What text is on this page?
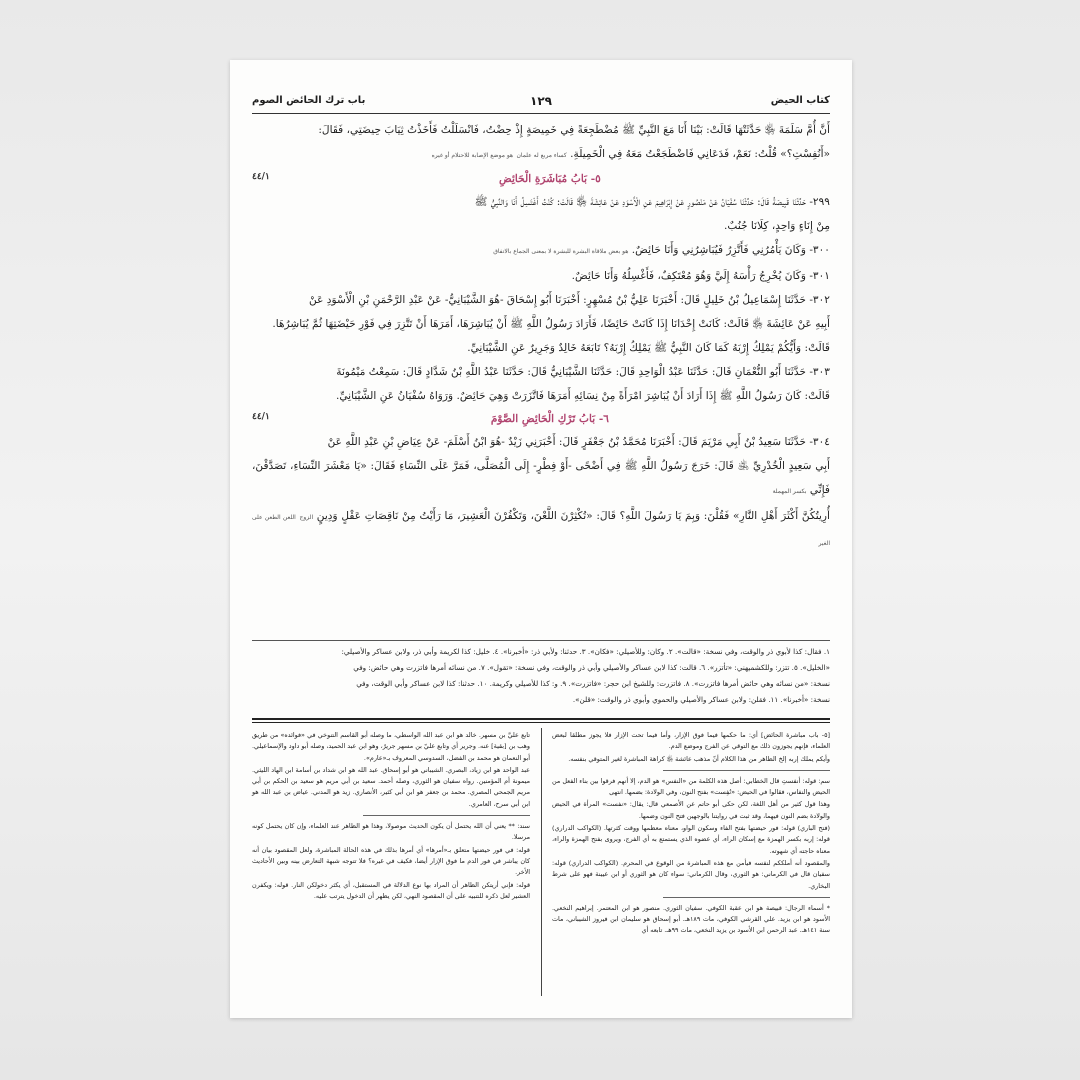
كتاب الحيض
١٢٩
باب ترك الحائض الصوم

أَنَّ أُمَّ سَلَمَةَ ﵂ حَدَّثَتْهَا قَالَتْ: بَيْنَا أَنَا مَعَ النَّبِيِّ ﷺ مُضْطَجِعَةً فِي خَمِيصَةٍ إِذْ حِضْتُ، فَانْسَلَلْتُ فَأَخَذْتُ ثِيَابَ حِيضَتِي، فَقَالَ:

«أَنُفِسْتِ؟» قُلْتُ: نَعَمْ، فَدَعَانِي فَاضْطَجَعْتُ مَعَهُ فِي الْخَمِيلَةِ. كساء مربع له علمان هو موضع الإصابة للاحتلام أو غيره

٤٤/١	٥- بَابُ مُبَاشَرَةِ الْحَائِضِ

٢٩٩- حَدَّثَنَا قَبِيصَةُ قَالَ: حَدَّثَنَا سُفْيَانُ عَنْ مَنْصُورٍ عَنْ إِبْرَاهِيمَ عَنِ الْأَسْوَدِ عَنْ عَائِشَةَ ﵂ قَالَتْ: كُنْتُ أَغْتَسِلُ أَنَا وَالنَّبِيُّ ﷺ

مِنْ إِنَاءٍ وَاحِدٍ، كِلَانَا جُنُبٌ.

٣٠٠- وَكَانَ يَأْمُرُنِي فَأَتَّزِرُ فَيُبَاشِرُنِي وَأَنَا حَائِضٌ. هو بعض ملاقاة البشرة للبشرة لا بمعنى الجماع بالاتفاق

٣٠١- وَكَانَ يُخْرِجُ رَأْسَهُ إِلَيَّ وَهُوَ مُعْتَكِفٌ، فَأَغْسِلُهُ وَأَنَا حَائِضٌ.

٣٠٢- حَدَّثَنَا إِسْمَاعِيلُ بْنُ خَلِيلٍ قَالَ: أَخْبَرَنَا عَلِيُّ بْنُ مُسْهِرٍ: أَخْبَرَنَا أَبُو إِسْحَاقَ -هُوَ الشَّيْبَانِيُّ- عَنْ عَبْدِ الرَّحْمَنِ بْنِ الْأَسْوَدِ عَنْ

أَبِيهِ عَنْ عَائِشَةَ ﵂ قَالَتْ: كَانَتْ إِحْدَانَا إِذَا كَانَتْ حَائِضًا، فَأَرَادَ رَسُولُ اللَّهِ ﷺ أَنْ يُبَاشِرَهَا، أَمَرَهَا أَنْ تَتَّزِرَ فِي فَوْرِ حَيْضَتِهَا ثُمَّ يُبَاشِرُهَا.

قَالَتْ: وَأَيُّكُمْ يَمْلِكُ إِرْبَهُ كَمَا كَانَ النَّبِيُّ ﷺ يَمْلِكُ إِرْبَهُ؟ تَابَعَهُ خَالِدٌ وَجَرِيرٌ عَنِ الشَّيْبَانِيِّ.

٣٠٣- حَدَّثَنَا أَبُو النُّعْمَانِ قَالَ: حَدَّثَنَا عَبْدُ الْوَاحِدِ قَالَ: حَدَّثَنَا الشَّيْبَانِيُّ قَالَ: حَدَّثَنَا عَبْدُ اللَّهِ بْنُ شَدَّادٍ قَالَ: سَمِعْتُ مَيْمُونَةَ

قَالَتْ: كَانَ رَسُولُ اللَّهِ ﷺ إِذَا أَرَادَ أَنْ يُبَاشِرَ امْرَأَةً مِنْ نِسَائِهِ أَمَرَهَا فَاتَّزَرَتْ وَهِيَ حَائِضٌ. وَرَوَاهُ سُفْيَانُ عَنِ الشَّيْبَانِيِّ.

٤٤/١	٦- بَابُ تَرْكِ الْحَائِضِ الصَّوْمَ

٣٠٤- حَدَّثَنَا سَعِيدُ بْنُ أَبِي مَرْيَمَ قَالَ: أَخْبَرَنَا مُحَمَّدُ بْنُ جَعْفَرٍ قَالَ: أَخْبَرَنِي زَيْدٌ -هُوَ ابْنُ أَسْلَمَ- عَنْ عِيَاضِ بْنِ عَبْدِ اللَّهِ عَنْ

أَبِي سَعِيدٍ الْخُدْرِيِّ ﵁ قَالَ: خَرَجَ رَسُولُ اللَّهِ ﷺ فِي أَضْحًى -أَوْ فِطْرٍ- إِلَى الْمُصَلَّى، فَمَرَّ عَلَى النِّسَاءِ فَقَالَ: «يَا مَعْشَرَ النِّسَاءِ، تَصَدَّقْنَ، فَإِنِّي بكسر المهملة

أُرِيتُكُنَّ أَكْثَرَ أَهْلِ النَّارِ» فَقُلْنَ: وَبِمَ يَا رَسُولَ اللَّهِ؟ قَالَ: «تُكْثِرْنَ اللَّعْنَ، وَتَكْفُرْنَ الْعَشِيرَ، مَا رَأَيْتُ مِنْ نَاقِصَاتِ عَقْلٍ وَدِينٍ الزوج اللعن الطعن على الغير

١. فقال: كذا لأبوي ذر والوقت، وفي نسخة: «قالت». ٢. وكان: وللأصيلي: «فكان». ٣. حدثنا: ولأبي ذر: «أخبرنا». ٤. خليل: كذا لكريمة وأبي ذر، ولابن عساكر والأصيلي:

«الخليل». ٥. تتزر: وللكشميهني: «تأتزر». ٦. قالت: كذا لابن عساكر والأصيلي وأبي ذر والوقت، وفي نسخة: «تقول». ٧. من نسائه أمرها فاتزرت وهي حائض: وفي

نسخة: «من نسائه وهي حائض أمرها فاتزرت». ٨. فاتزرت: وللشيخ ابن حجر: «فاتزرت». ٩. و: كذا للأصيلي وكريمة. ١٠. حدثنا: كذا لابن عساكر وأبي الوقت، وفي

نسخة: «أخبرنا». ١١. فقلن: ولابن عساكر والأصيلي والحموي وأبوي ذر والوقت: «قلن».

[٥- باب مباشرة الحائض] أي: ما حكمها فيما فوق الإزار، وأما فيما تحت الإزار فلا يجوز مطلقا لبعض العلماء، فإنهم يجوزون ذلك مع التوقي عن الفرج وموضع الدم.

وأيكم يملك إربه إلخ الظاهر من هذا الكلام أنّ مذهب عائشة ﵂ كراهة المباشرة لغير المتوقي بنفسه.

سم: قوله: أنفستِ قال الخطابي: أصل هذه الكلمة من «النفس» هو الدم، إلا أنهم فرقوا بين بناء الفعل من الحيض والنفاس، فقالوا في الحيض: «نُفِست» بفتح النون، وفي الولادة: بضمها. انتهى

وهذا قول كثير من أهل اللغة، لكن حكى أبو حاتم عن الأصمعي قال: يقال: «نفست» المرأة في الحيض والولادة بضم النون فيهما، وقد ثبت في روايتنا بالوجهين فتح النون وضمها.

(فتح الباري) قوله: فور حيضتها بفتح الفاء وسكون الواو، معناه معظمها ووقت كثرتها. (الكواكب الدراري) قوله: إربه بكسر الهمزة مع إسكان الراء، أي عضوه الذي يستمتع به أي الفرج، ويروى بفتح الهمزة والراء، معناه حاجته أي شهوته.

والمقصود أنه أملككم لنفسه فيأمن مع هذه المباشرة من الوقوع في المحرم. (الكواكب الدراري) قوله: سفيان قال في الكرماني: هو الثوري، وقال الكرماني: سواء كان هو الثوري أو ابن عيينة فهو على شرط البخاري.

* أسماء الرجال: قبيصة هو ابن عقبة الكوفي. سفيان الثوري. منصور هو ابن المعتمر. إبراهيم النخعي. الأسود هو ابن يزيد. علي القرشي الكوفي، مات ١٨٩هـ. أبو إسحاق هو سليمان ابن فيروز الشيباني، مات سنة ١٤١هـ. عبد الرحمن ابن الأسود بن يزيد النخعي، مات ٩٩هـ. تابعه أي

تابع عليَّ بن مسهر. خالد هو ابن عبد الله الواسطي، ما وصله أبو القاسم التنوخي في «فوائده» من طريق وهب بن [بقية] عنه. وجرير أي وتابع عليّ بن مسهر جريرٌ، وهو ابن عبد الحميد، وصله أبو داود والإسماعيلي. أبو النعمان هو محمد بن الفضل، السدوسي المعروف بـ«عارم».

عبد الواحد هو ابن زياد، البصري. الشيباني هو أبو إسحاق. عبد الله هو ابن شداد بن أسامة ابن الهاد الليثي. ميمونة أم المؤمنين. رواه سفيان هو الثوري، وصله أحمد. سعيد بن أبي مريم هو سعيد بن الحكم بن أبي مريم الجمحي المصري. محمد بن جعفر هو ابن أبي كثير، الأنصاري. زيد هو المدني. عياض بن عبد الله هو ابن أبي سرح، العامري.

سند: ** يعني أن الله يحتمل أن يكون الحديث موصولا، وهذا هو الظاهر عند العلماء، وإن كان يحتمل كونه مرسلا.

قوله: في فور حيضتها متعلق بـ«أمرها» أي أمرها بذلك في هذه الحالة المباشرة، ولعل المقصود بيان أنه كان يباشر في فور الدم ما فوق الإزار أيضا، فكيف في غيره؟ فلا تتوجه شبهة التعارض بينه وبين الأحاديث الأخر.

قوله: فإني أريتكن الظاهر أن المراد بها نوع الدلالة في المستقبل، أي يكثر دخولكن النار. قوله: ويكفرن العشير لعل ذكره للتنبيه على أن المقصود النهي، لكن يظهر أن الدخول يترتب عليه.
